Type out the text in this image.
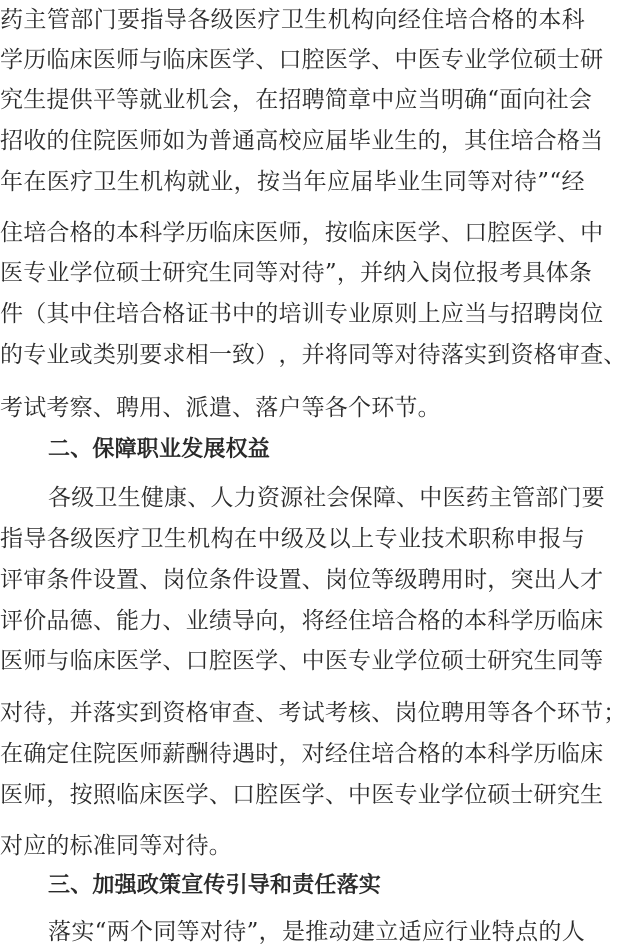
药 主 管 部 门 要 指 导 各 级 医 疗 卫 生 机 构 向 经 住 培 合 格 的 本 科
学 历 临 床 医 师 与 临 床 医 学 、 口 腔 医 学 、 中 医 专 业 学 位 硕 士 研
究 生 提 供 平 等 就 业 机 会 ， 在 招 聘 简 章 中 应 当 明 确 “ 面 向 社 会
招 收 的 住 院 医 师 如 为 普 通 高 校 应 届 毕 业 生 的 ， 其 住 培 合 格 当
年 在 医 疗 卫 生 机 构 就 业 ， 按 当 年 应 届 毕 业 生 同 等 对 待 ” “ 经
住 培 合 格 的 本 科 学 历 临 床 医 师 ， 按 临 床 医 学 、 口 腔 医 学 、 中
医 专 业 学 位 硕 士 研 究 生 同 等 对 待 ” ， 并 纳 入 岗 位 报 考 具 体 条
件 （ 其 中 住 培 合 格 证 书 中 的 培 训 专 业 原 则 上 应 当 与 招 聘 岗 位
的 专 业 或 类 别 要 求 相 一 致 ） ， 并 将 同 等 对 待 落 实 到 资 格 审 查 、
考试考察、聘用、派遣、落户等各个环节。
二、保障职业发展权益
各 级 卫 生 健 康 、 人 力 资 源 社 会 保 障 、 中 医 药 主 管 部 门 要
指 导 各 级 医 疗 卫 生 机 构 在 中 级 及 以 上 专 业 技 术 职 称 申 报 与
评 审 条 件 设 置 、 岗 位 条 件 设 置 、 岗 位 等 级 聘 用 时 ， 突 出 人 才
评 价 品 德 、 能 力 、 业 绩 导 向 ， 将 经 住 培 合 格 的 本 科 学 历 临 床
医 师 与 临 床 医 学 、 口 腔 医 学 、 中 医 专 业 学 位 硕 士 研 究 生 同 等
对 待 ， 并 落 实 到 资 格 审 查 、 考 试 考 核 、 岗 位 聘 用 等 各 个 环 节 ；
在 确 定 住 院 医 师 薪 酬 待 遇 时 ， 对 经 住 培 合 格 的 本 科 学 历 临 床
医 师 ， 按 照 临 床 医 学 、 口 腔 医 学 、 中 医 专 业 学 位 硕 士 研 究 生
对应的标准同等对待。
三、加强政策宣传引导和责任落实
落 实 “ 两 个 同 等 对 待 ” ， 是 推 动 建 立 适 应 行 业 特 点 的 人
